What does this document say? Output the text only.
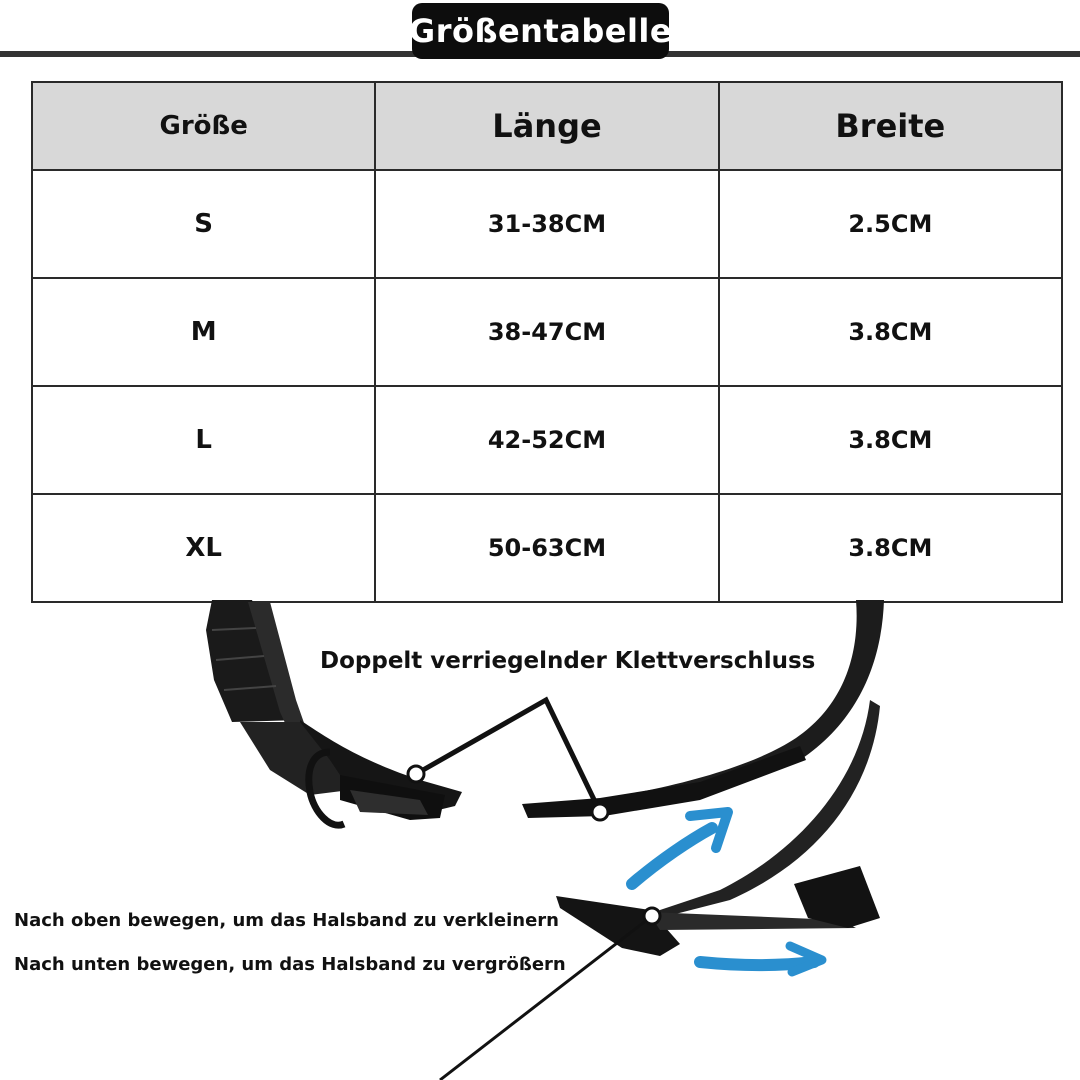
Größentabelle
Größe	Länge	Breite
S	31-38CM	2.5CM
M	38-47CM	3.8CM
L	42-52CM	3.8CM
XL	50-63CM	3.8CM
Doppelt verriegelnder Klettverschluss
Nach oben bewegen, um das Halsband zu verkleinern
Nach unten bewegen, um das Halsband zu vergrößern
